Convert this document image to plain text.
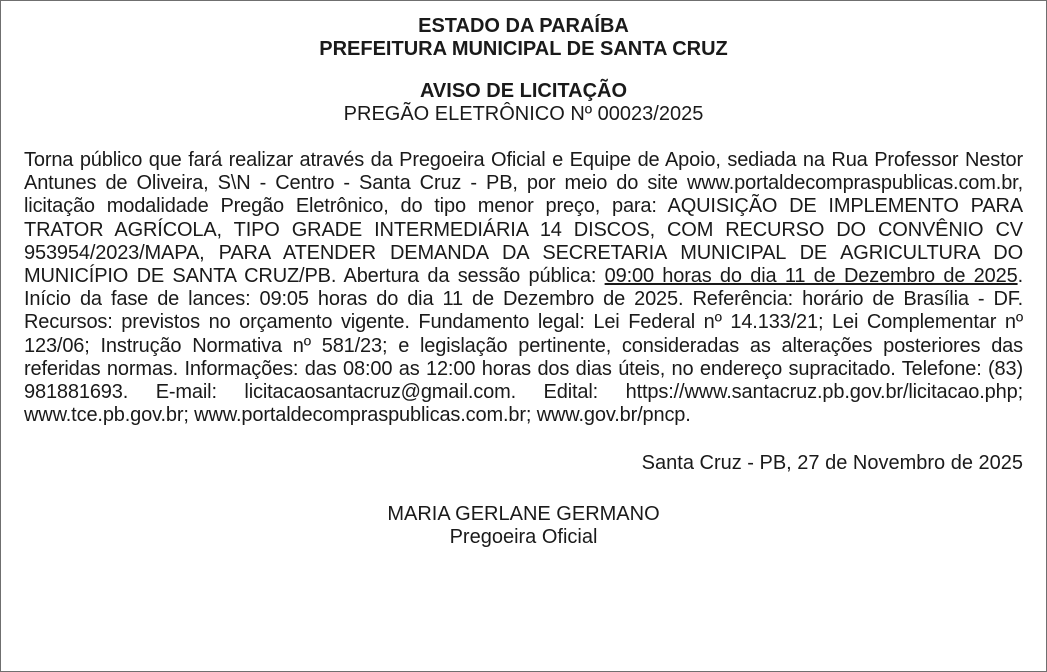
ESTADO DA PARAÍBA
PREFEITURA MUNICIPAL DE SANTA CRUZ
AVISO DE LICITAÇÃO
PREGÃO ELETRÔNICO Nº 00023/2025

Torna público que fará realizar através da Pregoeira Oficial e Equipe de Apoio, sediada na Rua Professor Nestor Antunes de Oliveira, S\N - Centro - Santa Cruz - PB, por meio do site www.portaldecompraspublicas.com.br, licitação modalidade Pregão Eletrônico, do tipo menor preço, para: AQUISIÇÃO DE IMPLEMENTO PARA TRATOR AGRÍCOLA, TIPO GRADE INTERMEDIÁRIA 14 DISCOS, COM RECURSO DO CONVÊNIO CV 953954/2023/MAPA, PARA ATENDER DEMANDA DA SECRETARIA MUNICIPAL DE AGRICULTURA DO MUNICÍPIO DE SANTA CRUZ/PB. Abertura da sessão pública: 09:00 horas do dia 11 de Dezembro de 2025. Início da fase de lances: 09:05 horas do dia 11 de Dezembro de 2025. Referência: horário de Brasília - DF. Recursos: previstos no orçamento vigente. Fundamento legal: Lei Federal nº 14.133/21; Lei Complementar nº 123/06; Instrução Normativa nº 581/23; e legislação pertinente, consideradas as alterações posteriores das referidas normas. Informações: das 08:00 as 12:00 horas dos dias úteis, no endereço supracitado. Telefone: (83) 981881693. E-mail: licitacaosantacruz@gmail.com. Edital: https://www.santacruz.pb.gov.br/licitacao.php; www.tce.pb.gov.br; www.portaldecompraspublicas.com.br; www.gov.br/pncp.

Santa Cruz - PB, 27 de Novembro de 2025
MARIA GERLANE GERMANO
Pregoeira Oficial
